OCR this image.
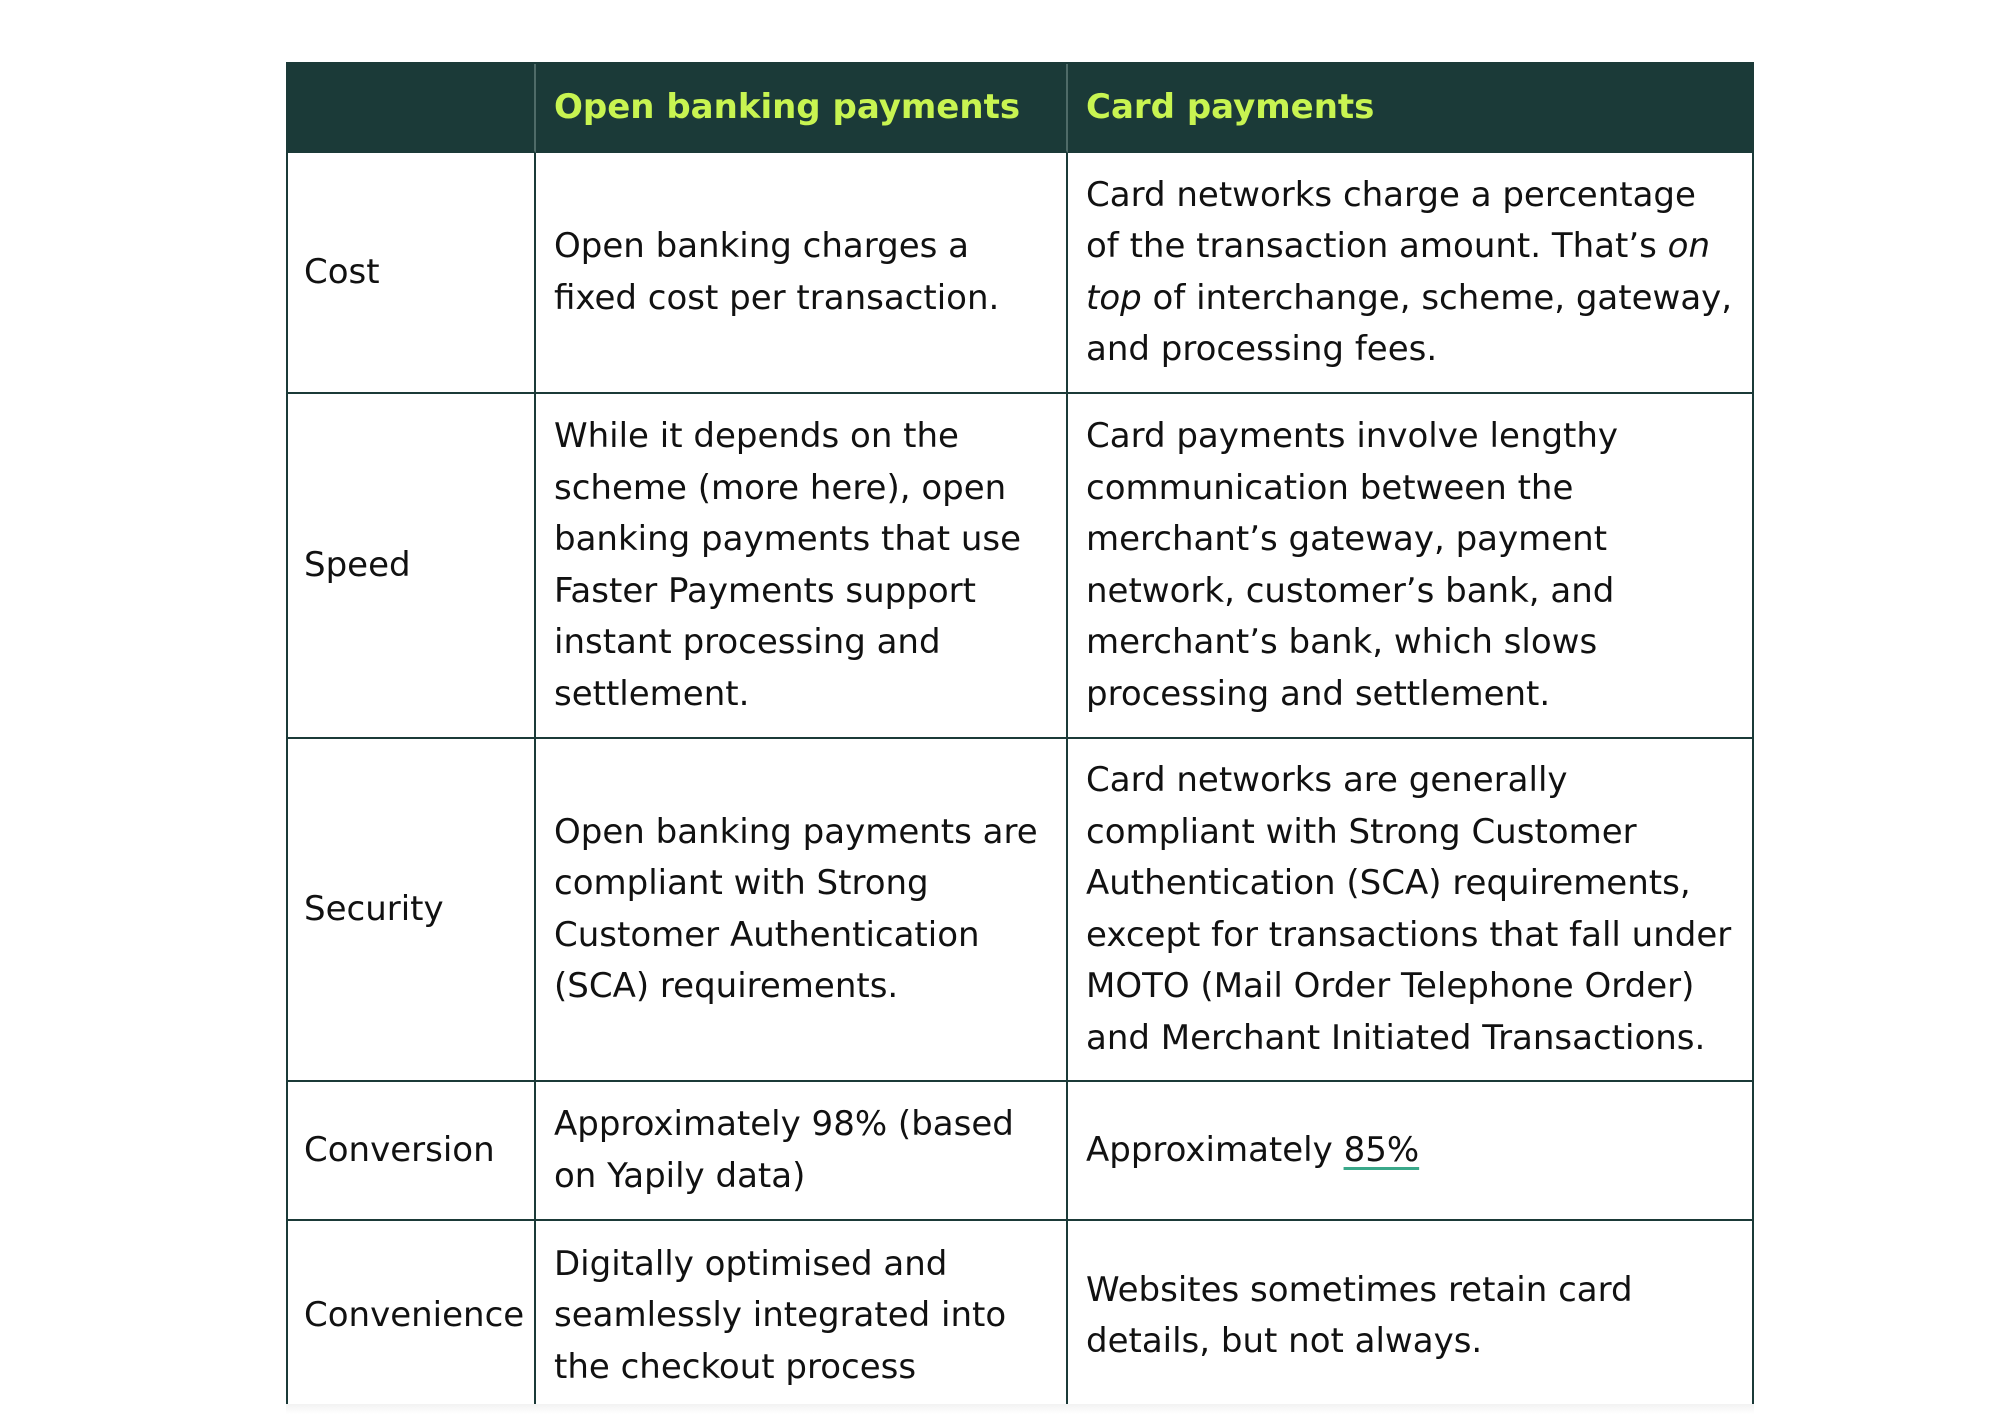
Open banking payments	Card payments
Cost
Open banking charges a fixed cost per transaction.
Card networks charge a percentage of the transaction amount. That’s on top of interchange, scheme, gateway, and processing fees.
Speed
While it depends on the scheme (more here), open banking payments that use Faster Payments support instant processing and settlement.
Card payments involve lengthy communication between the merchant’s gateway, payment network, customer’s bank, and merchant’s bank, which slows processing and settlement.
Security
Open banking payments are compliant with Strong Customer Authentication (SCA) requirements.
Card networks are generally compliant with Strong Customer Authentication (SCA) requirements, except for transactions that fall under MOTO (Mail Order Telephone Order) and Merchant Initiated Transactions.
Conversion
Approximately 98% (based on Yapily data)
Approximately 85%
Convenience
Digitally optimised and seamlessly integrated into the checkout process
Websites sometimes retain card details, but not always.
